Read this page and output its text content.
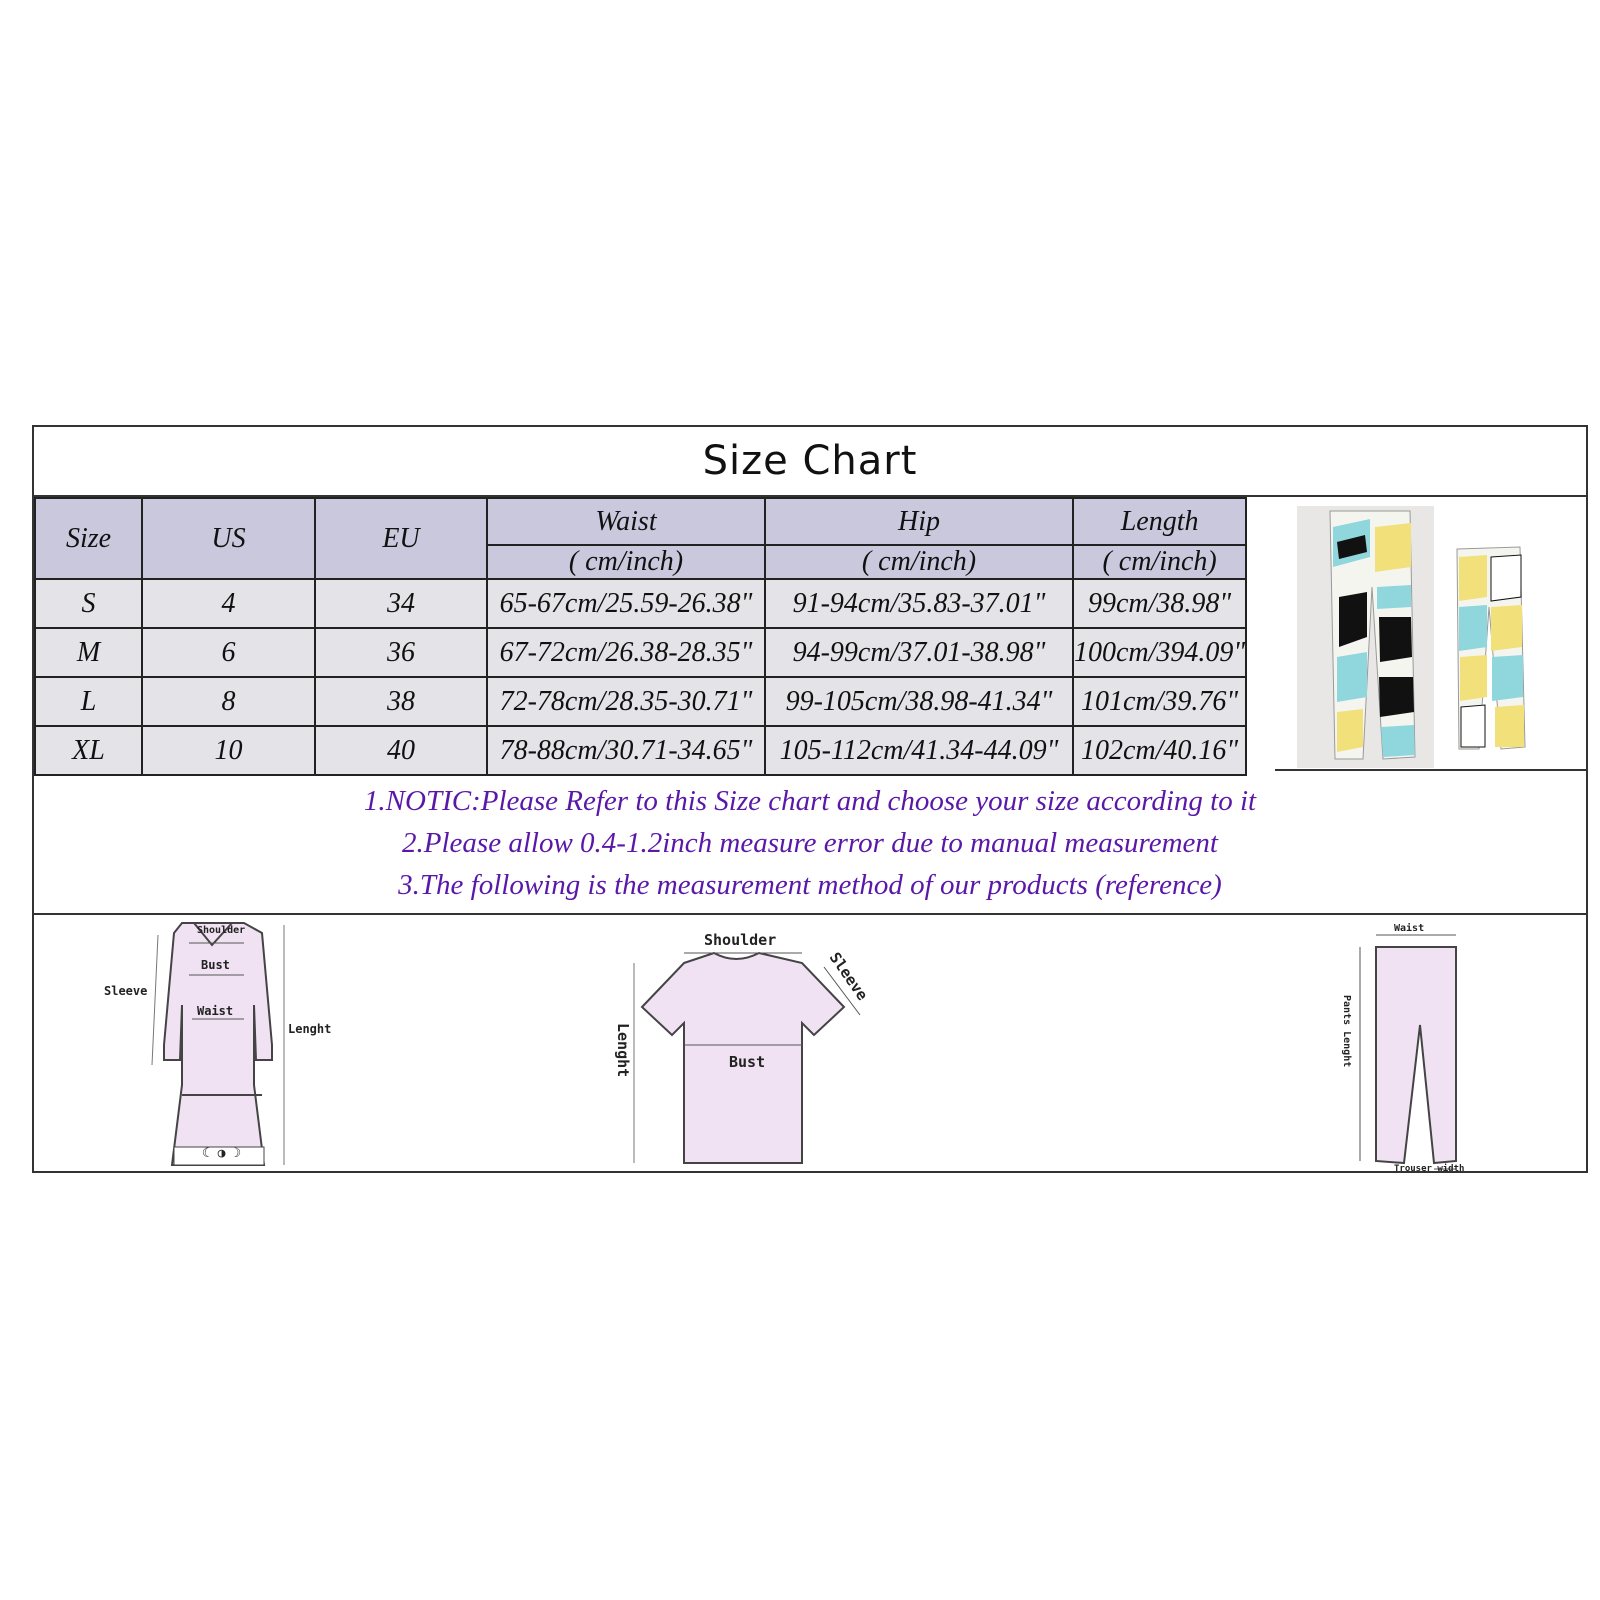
Size Chart
Size	US	EU	Waist	Hip	Length
			( cm/inch)	( cm/inch)	( cm/inch)
S	4	34	65-67cm/25.59-26.38"	91-94cm/35.83-37.01"	99cm/38.98"
M	6	36	67-72cm/26.38-28.35"	94-99cm/37.01-38.98"	100cm/394.09"
L	8	38	72-78cm/28.35-30.71"	99-105cm/38.98-41.34"	101cm/39.76"
XL	10	40	78-88cm/30.71-34.65"	105-112cm/41.34-44.09"	102cm/40.16"
1.NOTIC:Please Refer to this Size chart and choose your size according to it
2.Please allow 0.4-1.2inch measure error due to manual measurement
3.The following is the measurement method of our products (reference)
☾ ◑ ☽
Shoulder
Bust
Waist
Sleeve
Lenght
Shoulder
Bust
Sleeve
Lenght
Waist
Pants Lenght
Trouser width
